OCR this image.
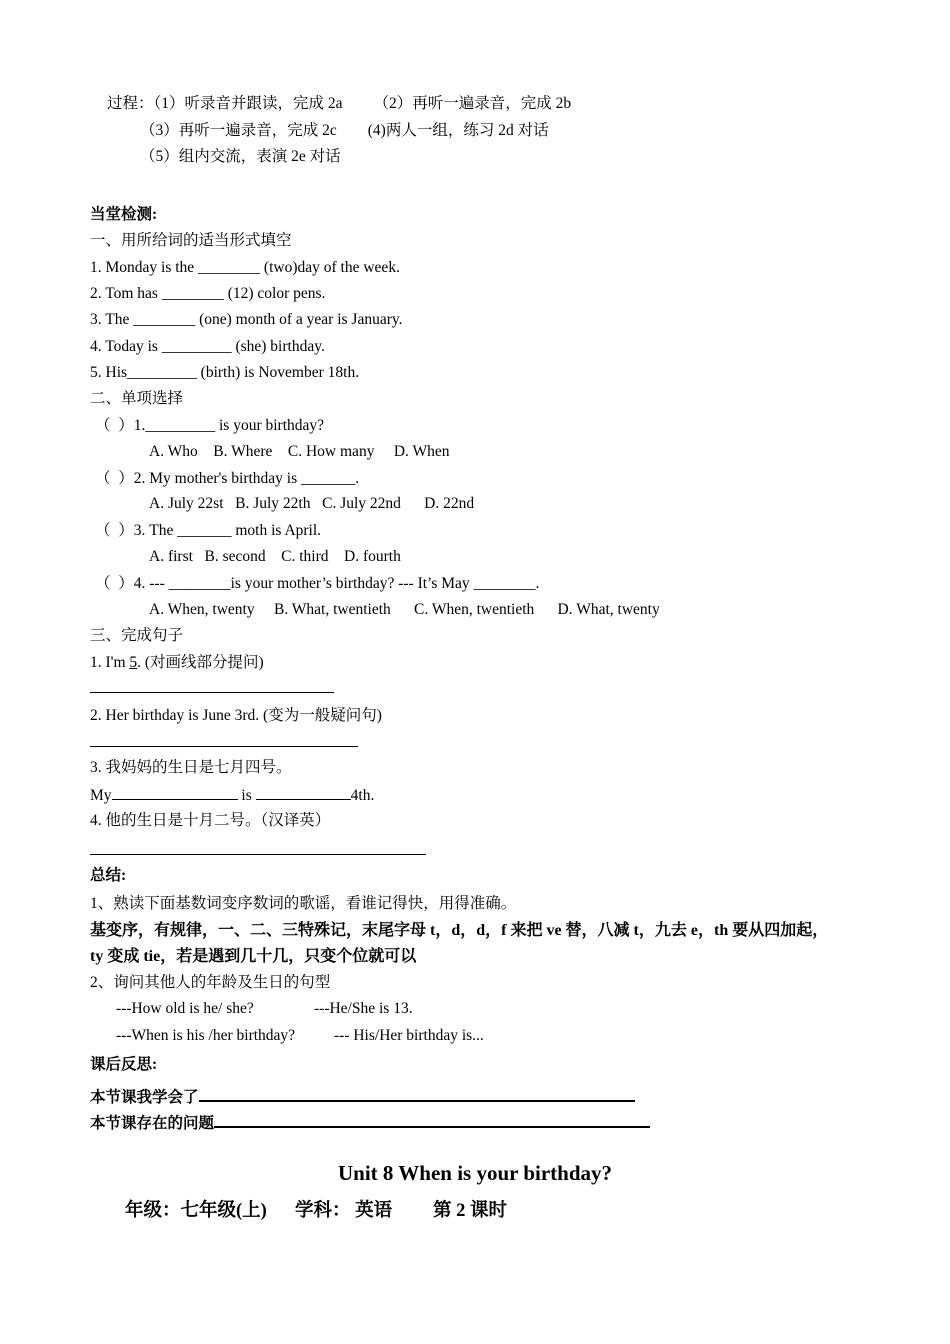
过程：（1）听录音并跟读，完成 2a        （2）再听一遍录音，完成 2b
（3）再听一遍录音，完成 2c        (4)两人一组，练习 2d 对话
（5）组内交流，表演 2e 对话
当堂检测:
一、用所给词的适当形式填空
1. Monday is the ________ (two)day of the week.
2. Tom has ________ (12) color pens.
3. The ________ (one) month of a year is January.
4. Today is _________ (she) birthday.
5. His_________ (birth) is November 18th.
二、单项选择
（  ）1._________ is your birthday?
A. Who    B. Where    C. How many     D. When
（  ）2. My mother's birthday is _______.
A. July 22st   B. July 22th   C. July 22nd      D. 22nd
（  ）3. The _______ moth is April.
A. first   B. second    C. third    D. fourth
（  ）4. --- ________is your mother’s birthday? --- It’s May ________.
A. When, twenty     B. What, twentieth      C. When, twentieth      D. What, twenty
三、完成句子
1. I'm 5. (对画线部分提问)
2. Her birthday is June 3rd. (变为一般疑问句)
3. 我妈妈的生日是七月四号。
My	is	4th.
4. 他的生日是十月二号。（汉译英）
总结:
1、熟读下面基数词变序数词的歌谣，看谁记得快，用得准确。
基变序，有规律，一、二、三特殊记，末尾字母 t，d，d，f 来把 ve 替，八减 t，九去 e，th 要从四加起，
ty 变成 tie，若是遇到几十几，只变个位就可以
2、询问其他人的年龄及生日的句型
---How old is he/ she?	---He/She is 13.
---When is his /her birthday?	--- His/Her birthday is...
课后反思:
本节课我学会了
本节课存在的问题
Unit 8 When is your birthday?
年级：七年级(上) 学科： 英语 第 2 课时
